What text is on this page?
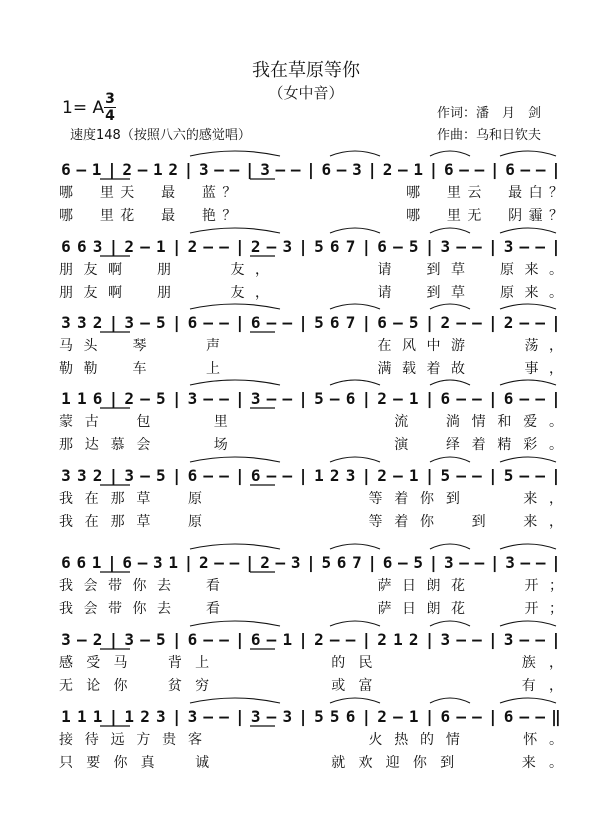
我在草原等你
（女中音）
1= A 3
4
速度148（按照八六的感觉唱）
作词：潘　月　剑
作曲：乌和日钦夫
6 – 1 | 2 – 1 2 | 3 – – | 3 – – | 6 – 3 | 2 – 1 | 6 – – | 6 – – |
哪
　 里 天
　 最
　 蓝 ？

　	哪
　 里 云
　 最 白 ？
哪
　 里 花
　 最
　 艳 ？

　	哪
　 里 无
　 阴 霾 ？
6 6 3 | 2 – 1 | 2 – – | 2 – 3 | 5 6 7 | 6 – 5 | 3 – – | 3 – – |
朋 友 啊
　	朋

　	友 ，

　	请
　	到 草
　	原 来 。
朋 友 啊
　	朋

　	友 ，

　	请
　	到 草
　	原 来 。
3 3 2 | 3 – 5 | 6 – – | 6 – – | 5 6 7 | 6 – 5 | 2 – – | 2 – – |
马 头
　	琴

　	声

　	在 风 中 游

　	荡 ，
勒 勒
　	车

　	上

　	满 载 着 故

　	事 ，
1 1 6 | 2 – 5 | 3 – – | 3 – – | 5 – 6 | 2 – 1 | 6 – – | 6 – – |
蒙 古
　	包

　	里

　	流
　	淌 情 和 爱 。
那 达 慕 会

　	场

　	演
　	绎 着 精 彩 。
3 3 2 | 3 – 5 | 6 – – | 6 – – | 1 2 3 | 2 – 1 | 5 – – | 5 – – |
我 在 那 草
　	原

　	等 着 你 到

　	来 ，
我 在 那 草
　	原

　	等 着 你
　	到
　	来 ，
6 6 1 | 6 – 3 1 | 2 – – | 2 – 3 | 5 6 7 | 6 – 5 | 3 – – | 3 – – |
我 会 带 你 去
　	看

　	萨 日 朗 花

　	开 ；
我 会 带 你 去
　	看

　	萨 日 朗 花

　	开 ；
3 – 2 | 3 – 5 | 6 – – | 6 – 1 | 2 – – | 2 1 2 | 3 – – | 3 – – |
感 受 马
　	背 上

　	的 民

　	族 ，
无 论 你
　	贫 穷

　	或 富

　	有 ，
1 1 1 | 1 2 3 | 3 – – | 3 – 3 | 5 5 6 | 2 – 1 | 6 – – | 6 – – ‖
接 待 远 方 贵 客

　	火 热 的 情

　	怀 。
只 要 你 真
　	诚

　	就 欢 迎 你 到

　	来 。
